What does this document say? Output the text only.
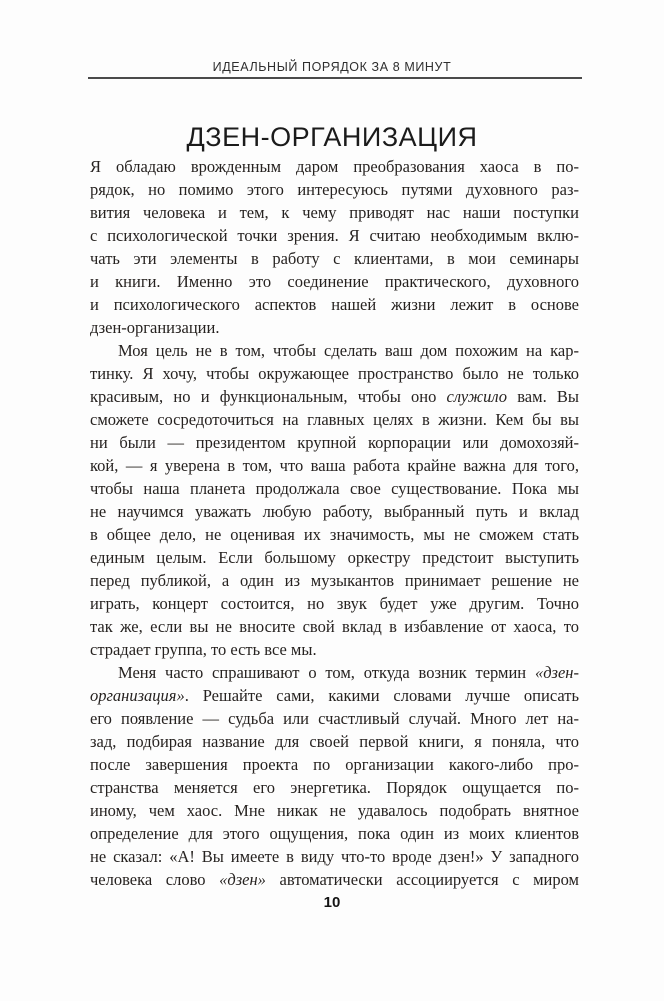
ИДЕАЛЬНЫЙ ПОРЯДОК ЗА 8 МИНУТ
ДЗЕН-ОРГАНИЗАЦИЯ
Я обладаю врожденным даром преобразования хаоса в по-
рядок, но помимо этого интересуюсь путями духовного раз-
вития человека и тем, к чему приводят нас наши поступки
с психологической точки зрения. Я считаю необходимым вклю-
чать эти элементы в работу с клиентами, в мои семинары
и книги. Именно это соединение практического, духовного
и психологического аспектов нашей жизни лежит в основе
дзен-организации.
Моя цель не в том, чтобы сделать ваш дом похожим на кар-
тинку. Я хочу, чтобы окружающее пространство было не только
красивым, но и функциональным, чтобы оно служило вам. Вы
сможете сосредоточиться на главных целях в жизни. Кем бы вы
ни были — президентом крупной корпорации или домохозяй-
кой, — я уверена в том, что ваша работа крайне важна для того,
чтобы наша планета продолжала свое существование. Пока мы
не научимся уважать любую работу, выбранный путь и вклад
в общее дело, не оценивая их значимость, мы не сможем стать
единым целым. Если большому оркестру предстоит выступить
перед публикой, а один из музыкантов принимает решение не
играть, концерт состоится, но звук будет уже другим. Точно
так же, если вы не вносите свой вклад в избавление от хаоса, то
страдает группа, то есть все мы.
Меня часто спрашивают о том, откуда возник термин «дзен-
организация». Решайте сами, какими словами лучше описать
его появление — судьба или счастливый случай. Много лет на-
зад, подбирая название для своей первой книги, я поняла, что
после завершения проекта по организации какого-либо про-
странства меняется его энергетика. Порядок ощущается по-
иному, чем хаос. Мне никак не удавалось подобрать внятное
определение для этого ощущения, пока один из моих клиентов
не сказал: «А! Вы имеете в виду что-то вроде дзен!» У западного
человека слово «дзен» автоматически ассоциируется с миром
10
